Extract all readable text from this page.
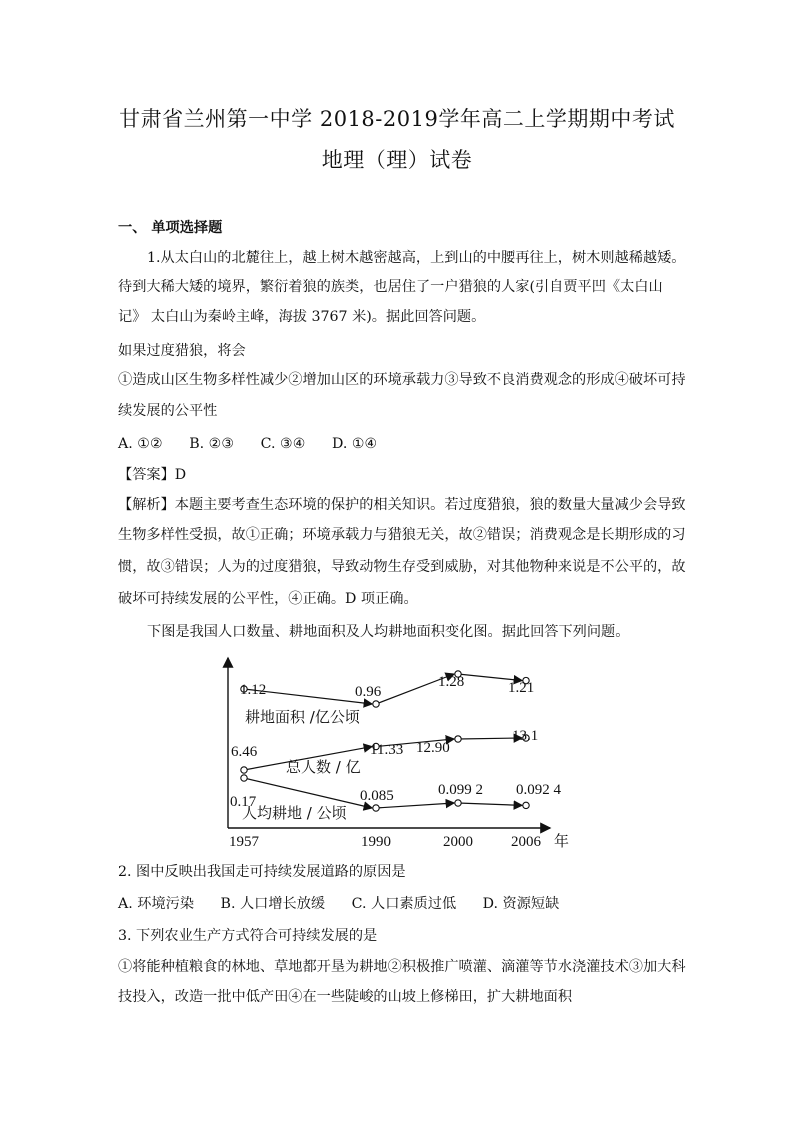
甘肃省兰州第一中学 2018-2019学年高二上学期期中考试
地理（理）试卷
一、 单项选择题
1.从太白山的北麓往上，越上树木越密越高，上到山的中腰再往上，树木则越稀越矮。
待到大稀大矮的境界，繁衍着狼的族类，也居住了一户猎狼的人家(引自贾平凹《太白山
记》 太白山为秦岭主峰，海拔 3767 米)。据此回答问题。
如果过度猎狼，将会
①造成山区生物多样性减少②增加山区的环境承载力③导致不良消费观念的形成④破坏可持
续发展的公平性
A. ①② B. ②③ C. ③④ D. ①④
【答案】D
【解析】本题主要考查生态环境的保护的相关知识。若过度猎狼，狼的数量大量减少会导致
生物多样性受损，故①正确；环境承载力与猎狼无关，故②错误；消费观念是长期形成的习
惯，故③错误；人为的过度猎狼，导致动物生存受到威胁，对其他物种来说是不公平的，故
破坏可持续发展的公平性，④正确。D 项正确。
下图是我国人口数量、耕地面积及人均耕地面积变化图。据此回答下列问题。
1.12	0.96
1.28	1.21
耕地面积 /亿公顷
6.46	11.33 12.90
13.1
总人数 / 亿
0.17	0.085	0.099 2 0.092 4
人均耕地 / 公顷
1957	1990	2000	2006 年
2. 图中反映出我国走可持续发展道路的原因是
A. 环境污染 B. 人口增长放缓 C. 人口素质过低 D. 资源短缺
3. 下列农业生产方式符合可持续发展的是
①将能种植粮食的林地、草地都开垦为耕地②积极推广喷灌、滴灌等节水浇灌技术③加大科
技投入，改造一批中低产田④在一些陡峻的山坡上修梯田，扩大耕地面积
